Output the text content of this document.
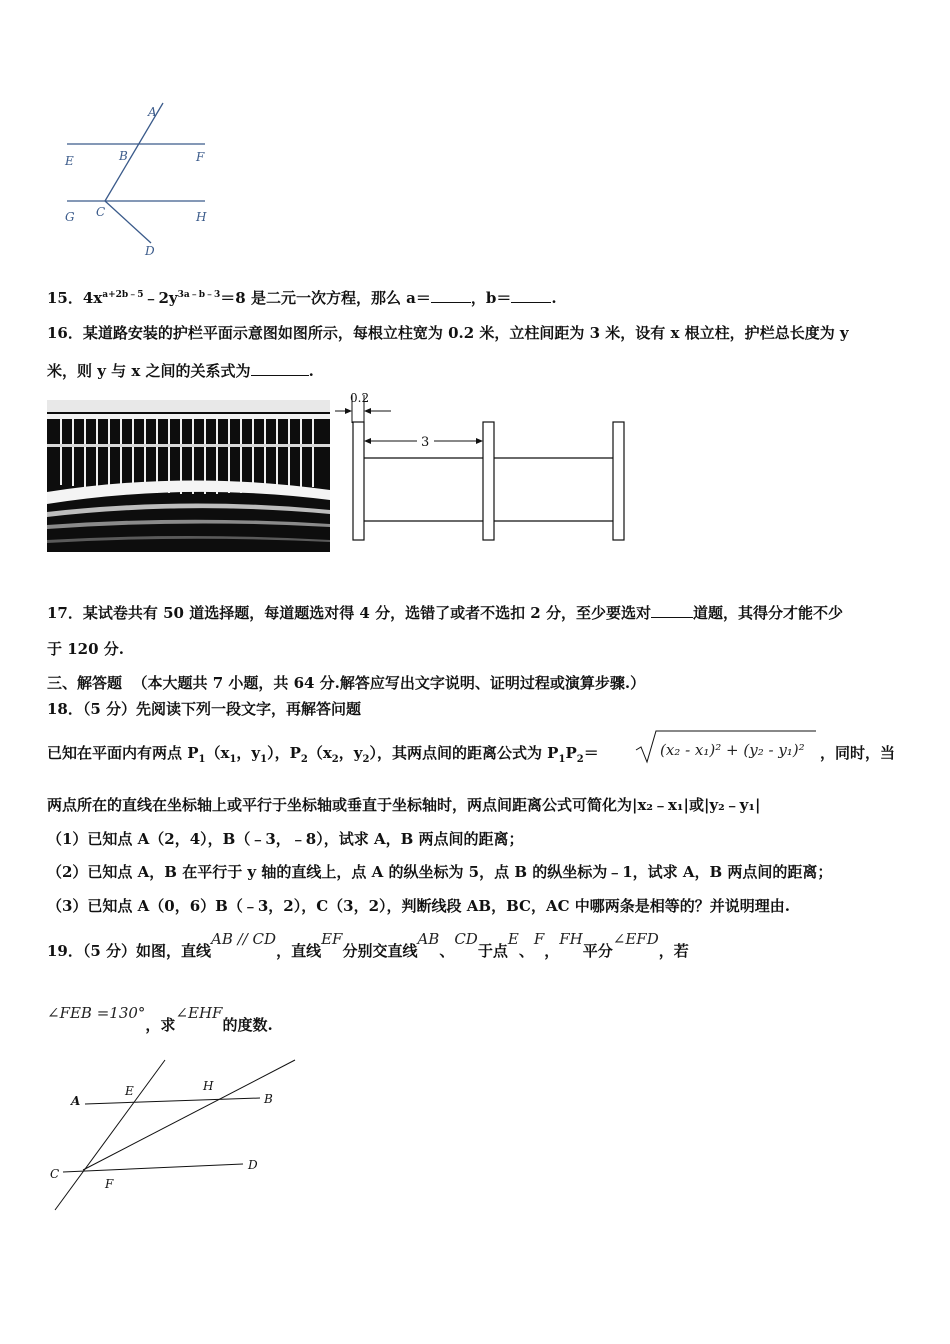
A
B
C
D
E	F
G	H
15．$4x^{a+2b﹣5}﹣2y^{3a﹣b﹣3}=8$ 是二元一次方程，那么 a＝	，b＝	.
16．某道路安装的护栏平面示意图如图所示，每根立柱宽为 0.2 米，立柱间距为 3 米，设有 x 根立柱，护栏总长度为 y
米，则 y 与 x 之间的关系式为	.
0.2
3
17．某试卷共有 50 道选择题，每道题选对得 4 分，选错了或者不选扣 2 分，至少要选对	道题，其得分才能不少
于 120 分.
三、解答题 （本大题共 7 小题，共 64 分.解答应写出文字说明、证明过程或演算步骤.）
18．（5 分）先阅读下列一段文字，再解答问题
已知在平面内有两点 $P_1(x_1$，$y_1$），$P_2(x_2$，$y_2$），其两点间的距离公式为 $P_1P_2=$	(x₂ - x₁)² + (y₂ - y₁)² ，同时，当
两点所在的直线在坐标轴上或平行于坐标轴或垂直于坐标轴时，两点间距离公式可简化为|x₂﹣x₁|或|y₂﹣y₁|
（1）已知点 A（2，4），B（﹣3，﹣8），试求 A，B 两点间的距离；
（2）已知点 A，B 在平行于 y 轴的直线上，点 A 的纵坐标为 5，点 B 的纵坐标为﹣1，试求 A，B 两点间的距离；
（3）已知点 A（0，6）B（﹣3，2），C（3，2），判断线段 AB，BC，AC 中哪两条是相等的？并说明理由.
19．（5 分）如图，直线AB // CD，直线EF分别交直线AB、CD于点E、F，FH平分∠EFD，若
∠FEB =130°，求∠EHF的度数.
A
E	H
B
C
F
D
